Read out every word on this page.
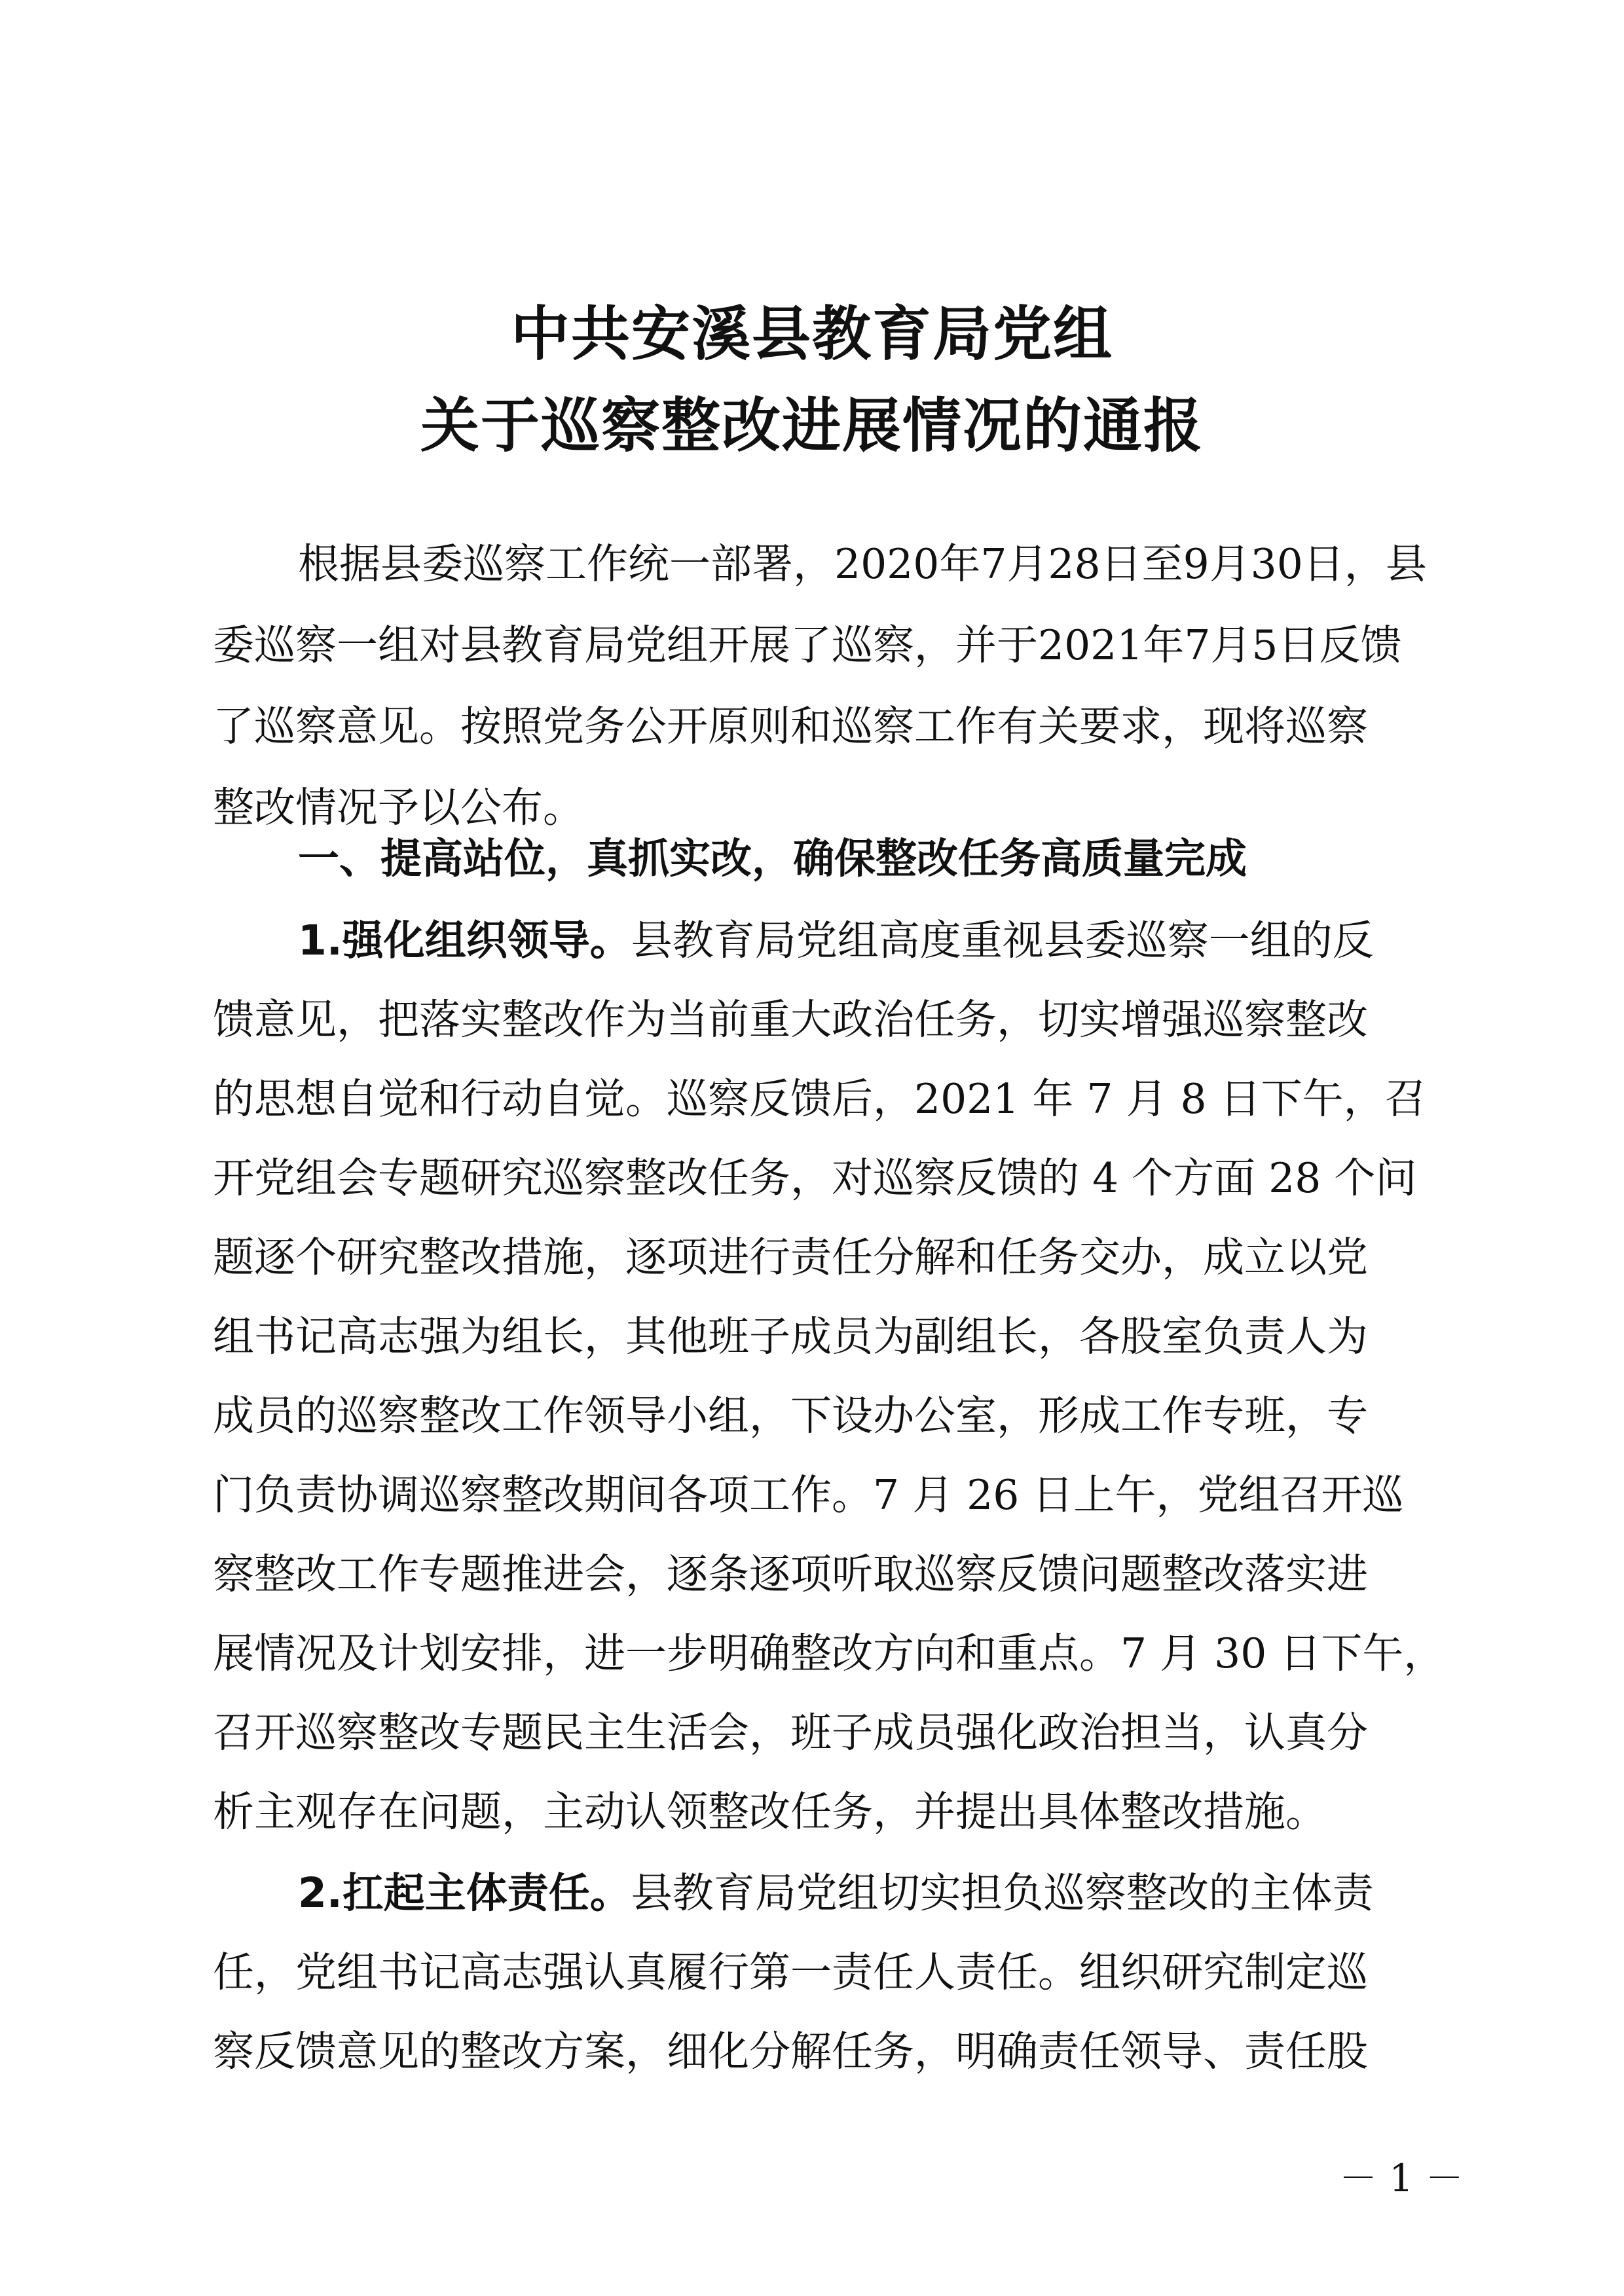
中共安溪县教育局党组
关于巡察整改进展情况的通报
根据县委巡察工作统一部署，2020年7月28日至9月30日，县
委巡察一组对县教育局党组开展了巡察，并于2021年7月5日反馈
了巡察意见。按照党务公开原则和巡察工作有关要求，现将巡察
整改情况予以公布。
一、提高站位，真抓实改，确保整改任务高质量完成
1.强化组织领导。县教育局党组高度重视县委巡察一组的反
馈意见，把落实整改作为当前重大政治任务，切实增强巡察整改
的思想自觉和行动自觉。巡察反馈后，2021 年 7 月 8 日下午，召
开党组会专题研究巡察整改任务，对巡察反馈的 4 个方面 28 个问
题逐个研究整改措施，逐项进行责任分解和任务交办，成立以党
组书记高志强为组长，其他班子成员为副组长，各股室负责人为
成员的巡察整改工作领导小组，下设办公室，形成工作专班，专
门负责协调巡察整改期间各项工作。7 月 26 日上午，党组召开巡
察整改工作专题推进会，逐条逐项听取巡察反馈问题整改落实进
展情况及计划安排，进一步明确整改方向和重点。7 月 30 日下午，
召开巡察整改专题民主生活会，班子成员强化政治担当，认真分
析主观存在问题，主动认领整改任务，并提出具体整改措施。
2.扛起主体责任。县教育局党组切实担负巡察整改的主体责
任，党组书记高志强认真履行第一责任人责任。组织研究制定巡
察反馈意见的整改方案，细化分解任务，明确责任领导、责任股
－ 1 －
